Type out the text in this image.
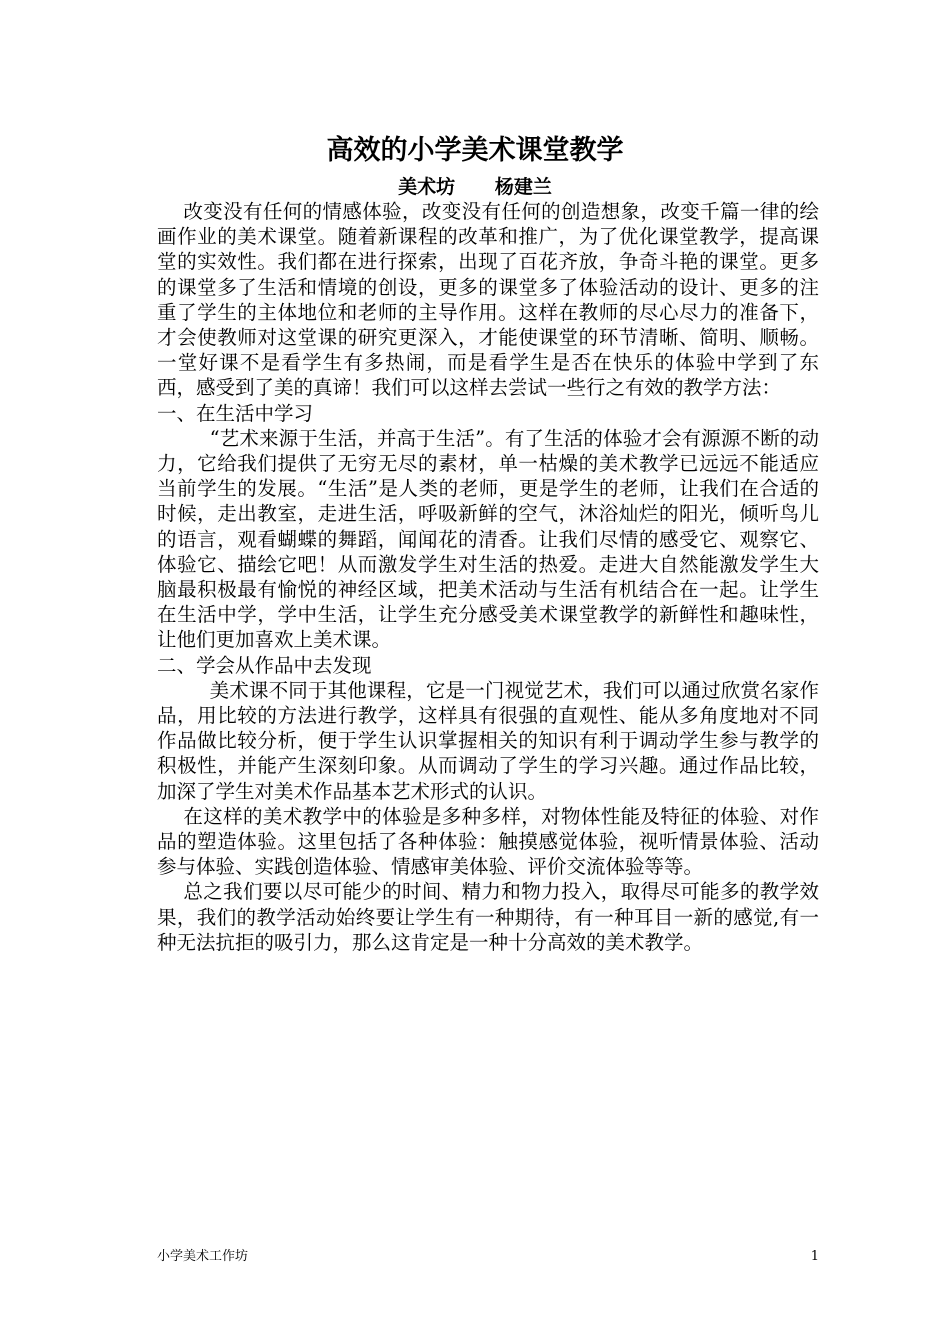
高效的小学美术课堂教学
美术坊      杨建兰

改变没有任何的情感体验，改变没有任何的创造想象，改变千篇一律的绘画作业的美术课堂。随着新课程的改革和推广，为了优化课堂教学，提高课堂的实效性。我们都在进行探索，出现了百花齐放，争奇斗艳的课堂。更多的课堂多了生活和情境的创设，更多的课堂多了体验活动的设计、更多的注重了学生的主体地位和老师的主导作用。这样在教师的尽心尽力的准备下，才会使教师对这堂课的研究更深入，才能使课堂的环节清晰、简明、顺畅。一堂好课不是看学生有多热闹，而是看学生是否在快乐的体验中学到了东西，感受到了美的真谛！我们可以这样去尝试一些行之有效的教学方法：

一、在生活中学习

“艺术来源于生活，并高于生活”。有了生活的体验才会有源源不断的动力，它给我们提供了无穷无尽的素材，单一枯燥的美术教学已远远不能适应当前学生的发展。“生活”是人类的老师，更是学生的老师，让我们在合适的时候，走出教室，走进生活，呼吸新鲜的空气，沐浴灿烂的阳光，倾听鸟儿的语言，观看蝴蝶的舞蹈，闻闻花的清香。让我们尽情的感受它、观察它、体验它、描绘它吧！从而激发学生对生活的热爱。走进大自然能激发学生大脑最积极最有愉悦的神经区域，把美术活动与生活有机结合在一起。让学生在生活中学，学中生活，让学生充分感受美术课堂教学的新鲜性和趣味性，让他们更加喜欢上美术课。

二、学会从作品中去发现

美术课不同于其他课程，它是一门视觉艺术，我们可以通过欣赏名家作品，用比较的方法进行教学，这样具有很强的直观性、能从多角度地对不同作品做比较分析，便于学生认识掌握相关的知识有利于调动学生参与教学的积极性，并能产生深刻印象。从而调动了学生的学习兴趣。通过作品比较，加深了学生对美术作品基本艺术形式的认识。

在这样的美术教学中的体验是多种多样，对物体性能及特征的体验、对作品的塑造体验。这里包括了各种体验：触摸感觉体验，视听情景体验、活动参与体验、实践创造体验、情感审美体验、评价交流体验等等。

总之我们要以尽可能少的时间、精力和物力投入，取得尽可能多的教学效果，我们的教学活动始终要让学生有一种期待，有一种耳目一新的感觉,有一种无法抗拒的吸引力，那么这肯定是一种十分高效的美术教学。

小学美术工作坊	1
